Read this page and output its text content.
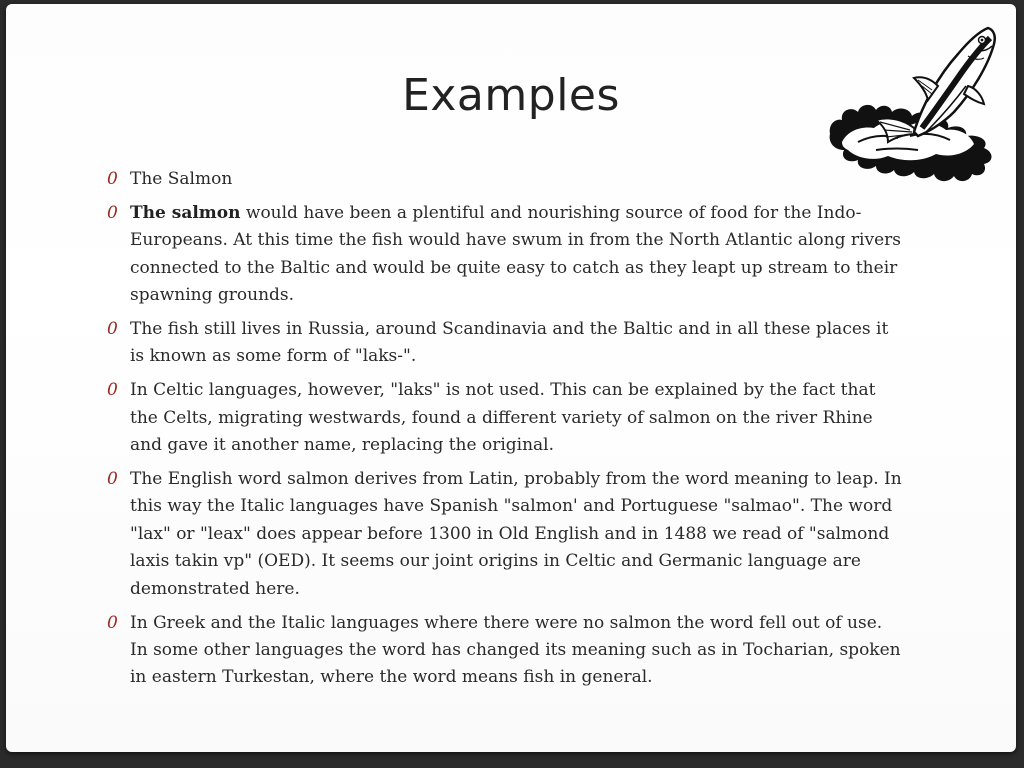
Examples
0 The Salmon
0 The salmon would have been a plentiful and nourishing source of food for the Indo-Europeans. At this time the fish would have swum in from the North Atlantic along rivers connected to the Baltic and would be quite easy to catch as they leapt up stream to their spawning grounds.
0 The fish still lives in Russia, around Scandinavia and the Baltic and in all these places it is known as some form of "laks-".
0 In Celtic languages, however, "laks" is not used. This can be explained by the fact that the Celts, migrating westwards, found a different variety of salmon on the river Rhine and gave it another name, replacing the original.
0 The English word salmon derives from Latin, probably from the word meaning to leap. In this way the Italic languages have Spanish "salmon' and Portuguese "salmao". The word "lax" or "leax" does appear before 1300 in Old English and in 1488 we read of "salmond laxis takin vp" (OED). It seems our joint origins in Celtic and Germanic language are demonstrated here.
0 In Greek and the Italic languages where there were no salmon the word fell out of use. In some other languages the word has changed its meaning such as in Tocharian, spoken in eastern Turkestan, where the word means fish in general.
